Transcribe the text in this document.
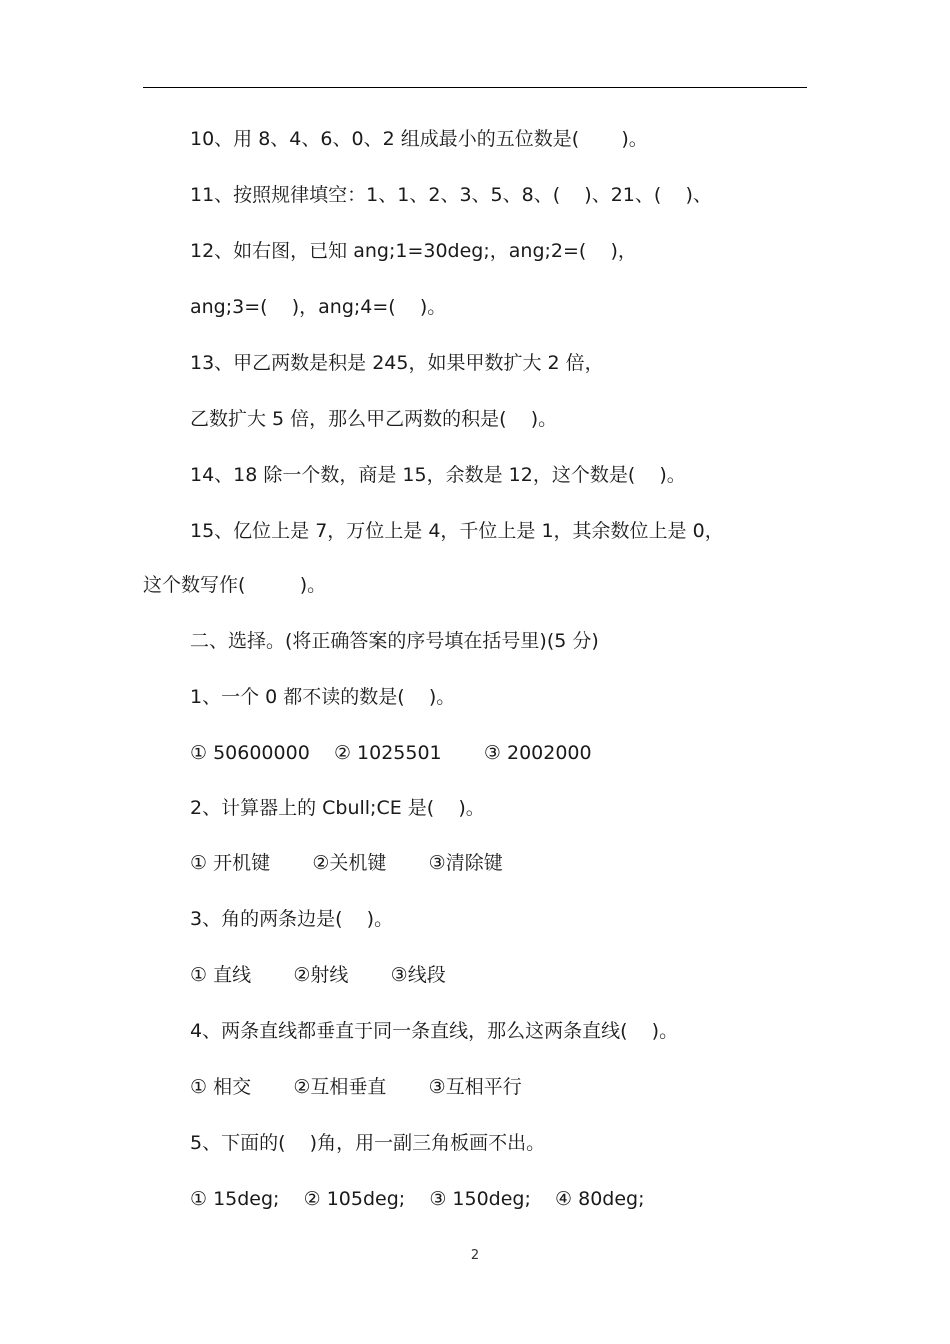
10、用 8、4、6、0、2 组成最小的五位数是(       )。
11、按照规律填空：1、1、2、3、5、8、(    )、21、(    )、
12、如右图，已知 ang;1=30deg;，ang;2=(    )，
ang;3=(    )，ang;4=(    )。
13、甲乙两数是积是 245，如果甲数扩大 2 倍，
乙数扩大 5 倍，那么甲乙两数的积是(    )。
14、18 除一个数，商是 15，余数是 12，这个数是(    )。
15、亿位上是 7，万位上是 4，千位上是 1，其余数位上是 0，
这个数写作(         )。
二、选择。(将正确答案的序号填在括号里)(5 分)
1、一个 0 都不读的数是(    )。
① 50600000    ② 1025501       ③ 2002000
2、计算器上的 Cbull;CE 是(    )。
① 开机键       ②关机键       ③清除键
3、角的两条边是(    )。
① 直线       ②射线       ③线段
4、两条直线都垂直于同一条直线，那么这两条直线(    )。
① 相交       ②互相垂直       ③互相平行
5、下面的(    )角，用一副三角板画不出。
① 15deg;    ② 105deg;    ③ 150deg;    ④ 80deg;
2
